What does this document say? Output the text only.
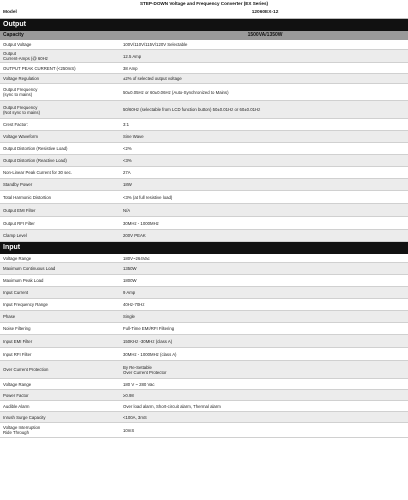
STEP-DOWN Voltage and Frequency Converter (EX Series)
Model	12060EX-12
Output
Capacity	1500VA/1350W
Output Voltage	100V/110V/115V/120V Selectable
Output
Current-Amps (@ 60Hz	12.5 Amp
OUTPUT PEAK CURRENT (<250mS)	38 Amp
Voltage Regulation	±2% of selected output voltage
Output Frequency
(sync to mains)	50±0.05Hz or 60±0.06Hz (Auto-Synchronized to Mains)
Output Frequency
(Not sync to mains)	50/60Hz (selectable from LCD function button) 50±0.01Hz or 60±0.01Hz
Crest Factor:	3:1
Voltage Waveform	Sine Wave
Output Distortion (Resistive Load)	<2%
Output Distortion (Reactive Load)	<3%
Non-Linear Peak Current for 30 sec.	27A
Standby Power	18W
Total Harmonic Distortion	<3% (at full resistive load)
Output EMI Filter	N/A
Output RFI Filter	30MHz - 1000MHz
Clamp Level	200V PEAK
Input
Voltage Range	180V~264Vac
Maximum Continuous Load	1350W
Maximum Peak Load	1800W
Input Current	9 Amp
Input Frequency Range	40Hz-70Hz
Phase	Single
Noise Filtering	Full-Time EMI/RFI Filtering
Input EMI Filter	150KHz -30MHz (class A)
Input RFI Filter	30MHz - 1000MHz (class A)
Over Current Protection	By Re-Settable
Over Current Protector
Voltage Range	180 V ~ 280 Vac
Power Factor	≥0.98
Audible Alarm	Over load alarm, Short-circuit alarm, Thermal alarm
Inrush Surge Capacity	<100A, 3mS
Voltage Interruption
Ride Through	10mS
